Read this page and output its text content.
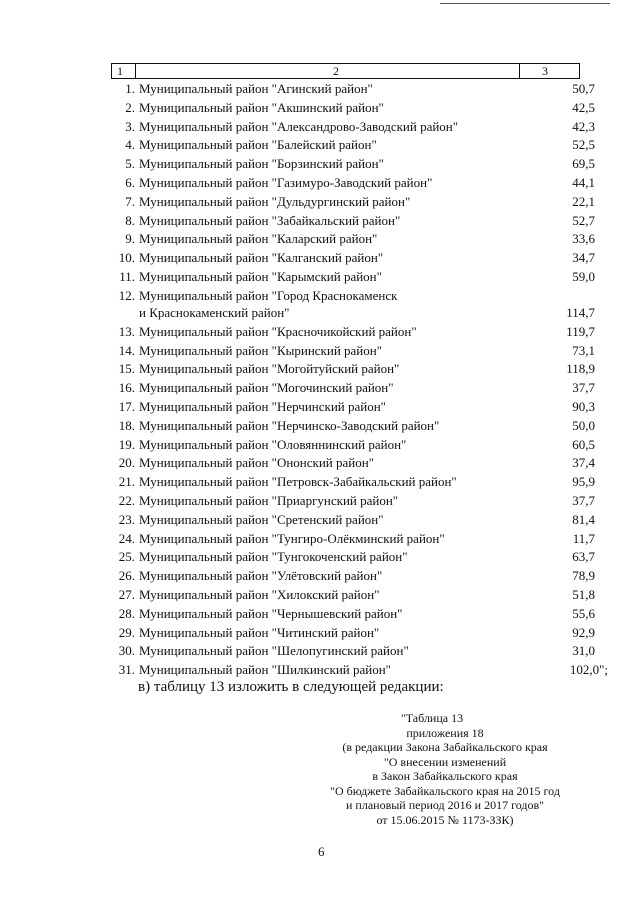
1	2	3
1. Муниципальный район "Агинский район"	50,7
2. Муниципальный район "Акшинский район"	42,5
3. Муниципальный район "Александрово-Заводский район"	42,3
4. Муниципальный район "Балейский район"	52,5
5. Муниципальный район "Борзинский район"	69,5
6. Муниципальный район "Газимуро-Заводский район"	44,1
7. Муниципальный район "Дульдургинский район"	22,1
8. Муниципальный район "Забайкальский район"	52,7
9. Муниципальный район "Каларский район"	33,6
10. Муниципальный район "Калганский район"	34,7
11. Муниципальный район "Карымский район"	59,0
12. Муниципальный район "Город Краснокаменск
и Краснокаменский район"	114,7
13. Муниципальный район "Красночикойский район"	119,7
14. Муниципальный район "Кыринский район"	73,1
15. Муниципальный район "Могойтуйский район"	118,9
16. Муниципальный район "Могочинский район"	37,7
17. Муниципальный район "Нерчинский район"	90,3
18. Муниципальный район "Нерчинско-Заводский район"	50,0
19. Муниципальный район "Оловяннинский район"	60,5
20. Муниципальный район "Ононский район"	37,4
21. Муниципальный район "Петровск-Забайкальский район"	95,9
22. Муниципальный район "Приаргунский район"	37,7
23. Муниципальный район "Сретенский район"	81,4
24. Муниципальный район "Тунгиро-Олёкминский район"	11,7
25. Муниципальный район "Тунгокоченский район"	63,7
26. Муниципальный район "Улётовский район"	78,9
27. Муниципальный район "Хилокский район"	51,8
28. Муниципальный район "Чернышевский район"	55,6
29. Муниципальный район "Читинский район"	92,9
30. Муниципальный район "Шелопугинский район"	31,0
31. Муниципальный район "Шилкинский район"	102,0";
в) таблицу 13 изложить в следующей редакции:
"Таблица 13
приложения 18
(в редакции Закона Забайкальского края
"О внесении изменений
в Закон Забайкальского края
"О бюджете Забайкальского края на 2015 год
и плановый период 2016 и 2017 годов"
от 15.06.2015 № 1173-ЗЗК)
6
